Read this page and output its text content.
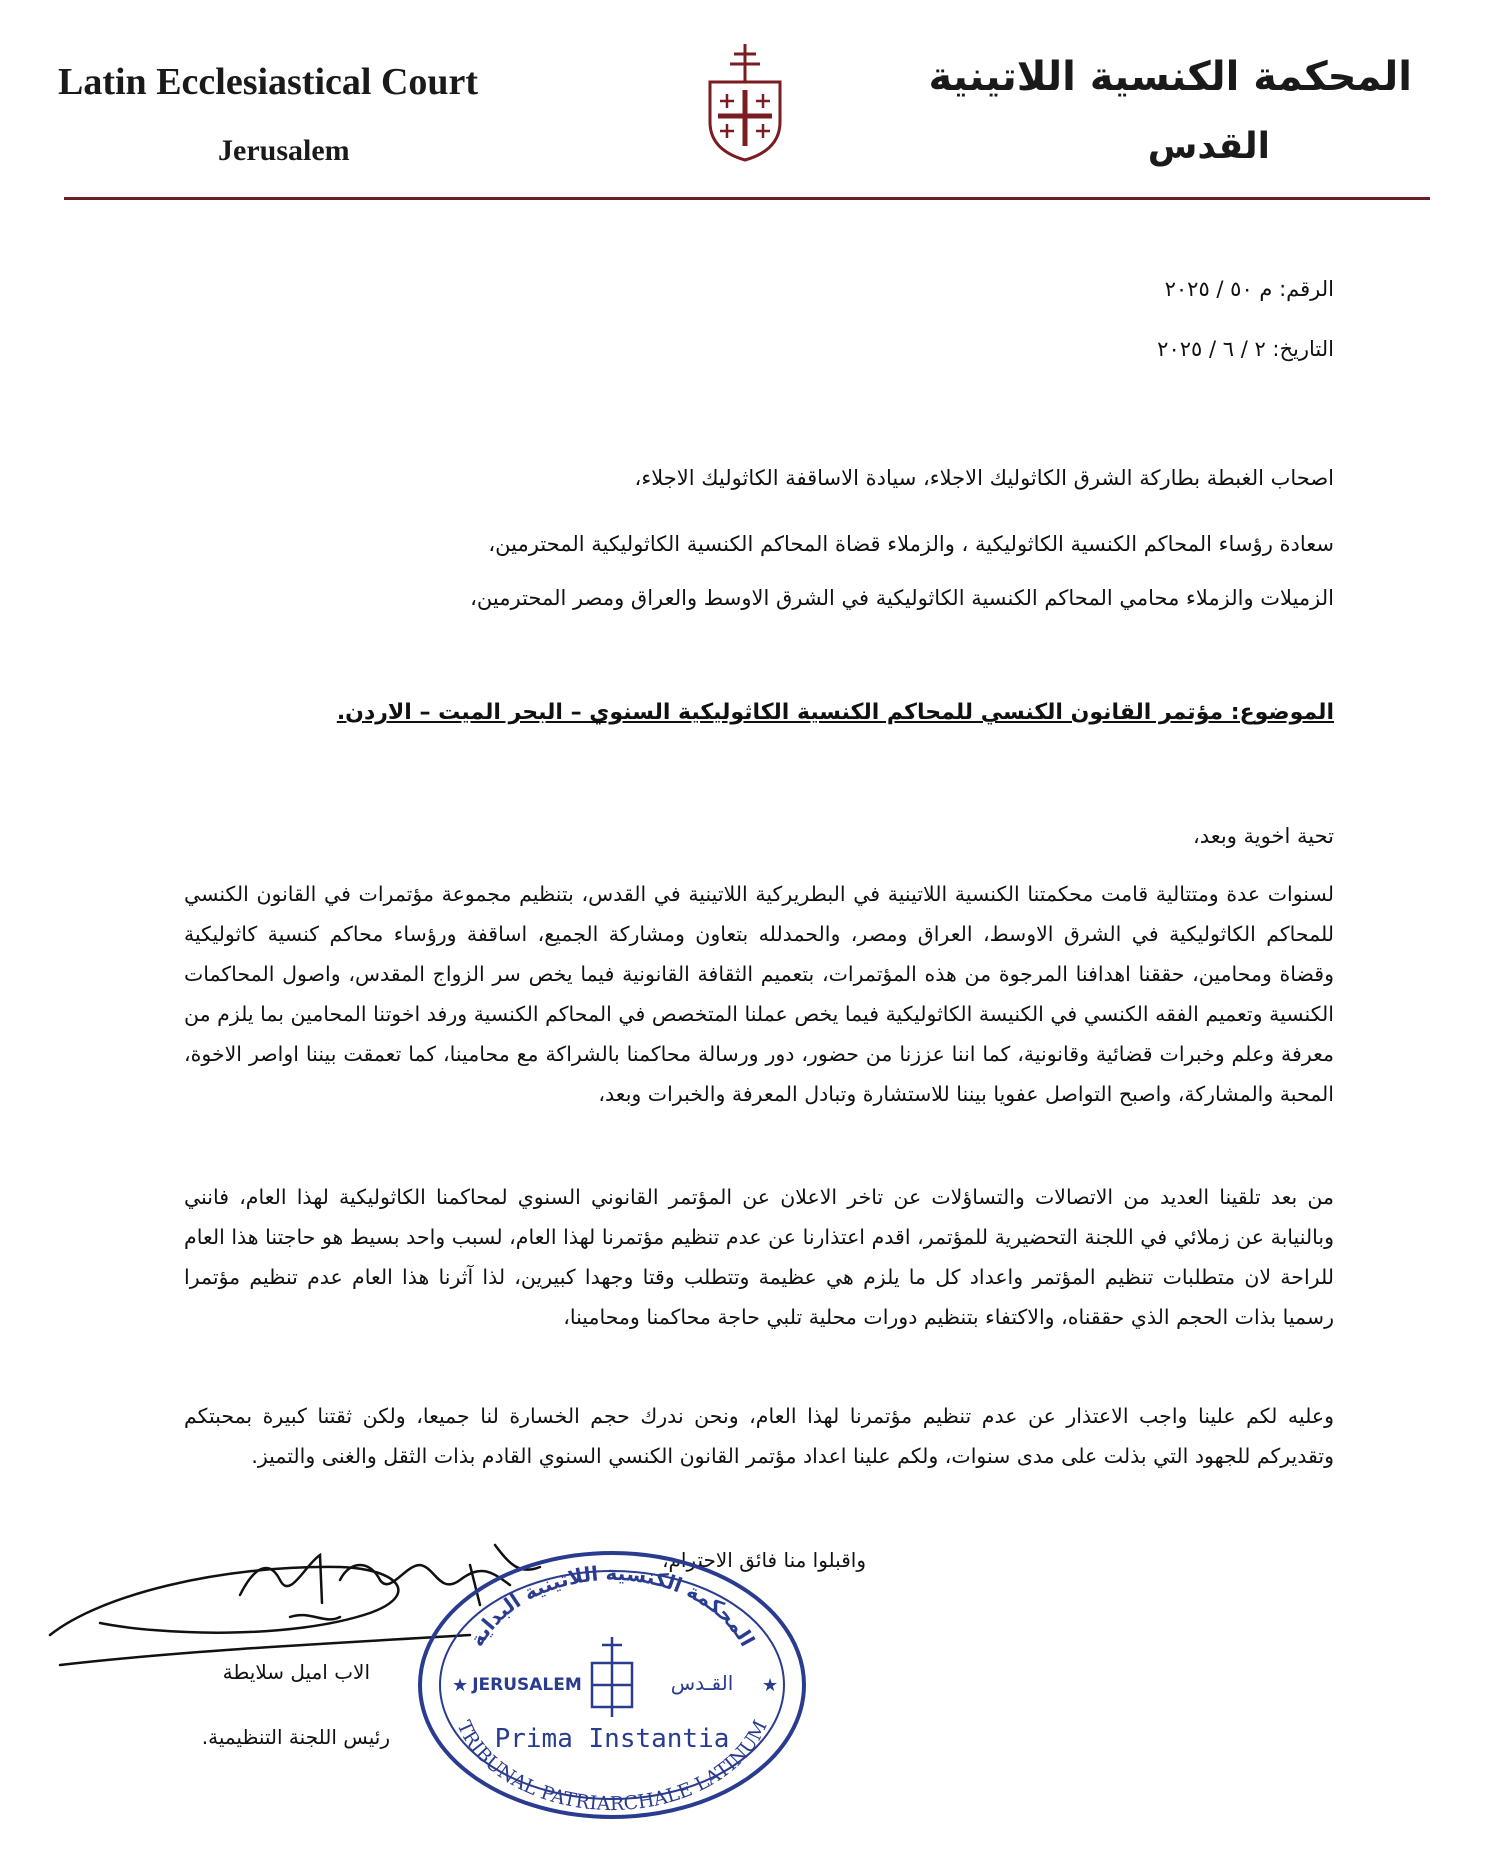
Latin Ecclesiastical Court
Jerusalem
المحكمة الكنسية اللاتينية
القدس
الرقم: م ٥٠ / ٢٠٢٥
التاريخ: ٢ / ٦ / ٢٠٢٥
اصحاب الغبطة بطاركة الشرق الكاثوليك الاجلاء، سيادة الاساقفة الكاثوليك الاجلاء،
سعادة رؤساء المحاكم الكنسية الكاثوليكية ، والزملاء قضاة المحاكم الكنسية الكاثوليكية المحترمين،
الزميلات والزملاء محامي المحاكم الكنسية الكاثوليكية في الشرق الاوسط والعراق ومصر المحترمين،
الموضوع: مؤتمر القانون الكنسي للمحاكم الكنسية الكاثوليكية السنوي – البحر الميت – الاردن.
تحية اخوية وبعد،
لسنوات عدة ومتتالية قامت محكمتنا الكنسية اللاتينية في البطريركية اللاتينية في القدس، بتنظيم مجموعة مؤتمرات في القانون الكنسي للمحاكم الكاثوليكية في الشرق الاوسط، العراق ومصر، والحمدلله بتعاون ومشاركة الجميع، اساقفة ورؤساء محاكم كنسية كاثوليكية وقضاة ومحامين، حققنا اهدافنا المرجوة من هذه المؤتمرات، بتعميم الثقافة القانونية فيما يخص سر الزواج المقدس، واصول المحاكمات الكنسية وتعميم الفقه الكنسي في الكنيسة الكاثوليكية فيما يخص عملنا المتخصص في المحاكم الكنسية ورفد اخوتنا المحامين بما يلزم من معرفة وعلم وخبرات قضائية وقانونية، كما اننا عززنا من حضور، دور ورسالة محاكمنا بالشراكة مع محامينا، كما تعمقت بيننا اواصر الاخوة، المحبة والمشاركة، واصبح التواصل عفويا بيننا للاستشارة وتبادل المعرفة والخبرات وبعد،
من بعد تلقينا العديد من الاتصالات والتساؤلات عن تاخر الاعلان عن المؤتمر القانوني السنوي لمحاكمنا الكاثوليكية لهذا العام، فانني وبالنيابة عن زملائي في اللجنة التحضيرية للمؤتمر، اقدم اعتذارنا عن عدم تنظيم مؤتمرنا لهذا العام، لسبب واحد بسيط هو حاجتنا هذا العام للراحة لان متطلبات تنظيم المؤتمر واعداد كل ما يلزم هي عظيمة وتتطلب وقتا وجهدا كبيرين، لذا آثرنا هذا العام عدم تنظيم مؤتمرا رسميا بذات الحجم الذي حققناه، والاكتفاء بتنظيم دورات محلية تلبي حاجة محاكمنا ومحامينا،
وعليه لكم علينا واجب الاعتذار عن عدم تنظيم مؤتمرنا لهذا العام، ونحن ندرك حجم الخسارة لنا جميعا، ولكن ثقتنا كبيرة بمحبتكم وتقديركم للجهود التي بذلت على مدى سنوات، ولكم علينا اعداد مؤتمر القانون الكنسي السنوي القادم بذات الثقل والغنى والتميز.
واقبلوا منا فائق الاحترام،
المحكمة الكنسية اللاتينية البداية
JERUSALEM	القـدس
Prima Instantia
TRIBUNAL PATRIARCHALE LATINUM
★	★
الاب اميل سلايطة
رئيس اللجنة التنظيمية.
